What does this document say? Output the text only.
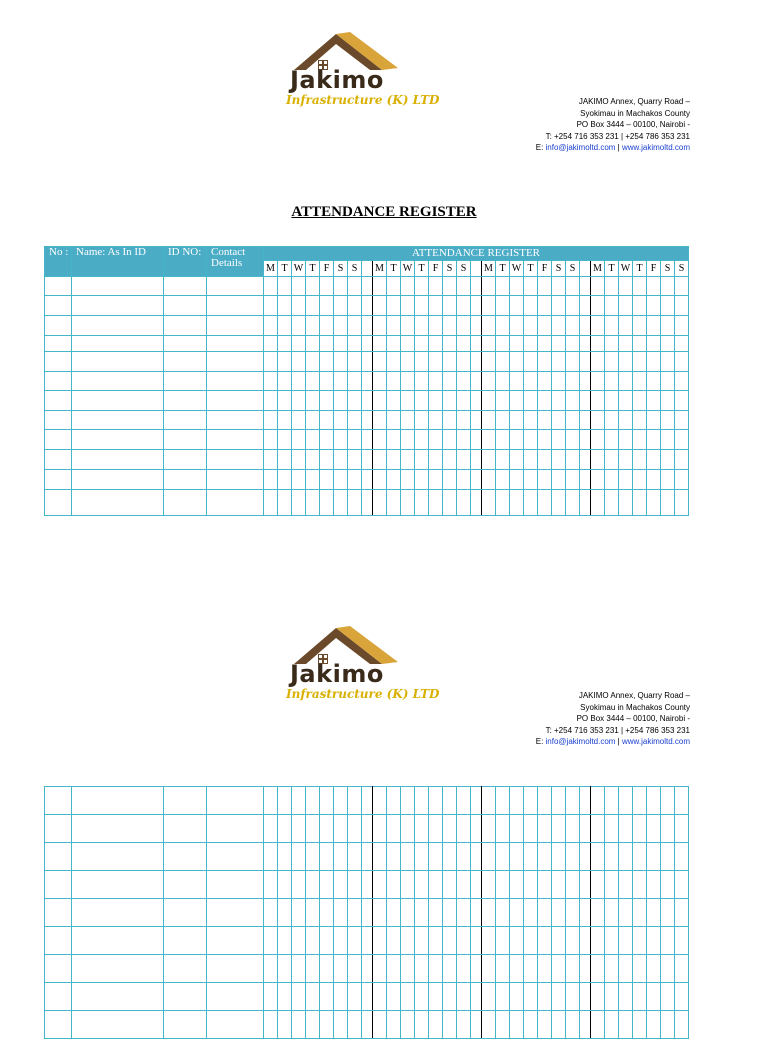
Jakimo
Infrastructure (K) LTD	JAKIMO Annex, Quarry Road –
Syokimau in Machakos County
PO Box 3444 – 00100, Nairobi -
T: +254 716 353 231 | +254 786 353 231
E: info@jakimoltd.com | www.jakimoltd.com
ATTENDANCE REGISTER
No :	Name: As In ID	ID NO:	Contact Details	ATTENDANCE REGISTER																														
				M	T	W	T	F	S	S		M	T	W	T	F	S	S		M	T	W	T	F	S	S		M	T	W	T	F	S	S

Jakimo
Infrastructure (K) LTD	JAKIMO Annex, Quarry Road –
Syokimau in Machakos County
PO Box 3444 – 00100, Nairobi -
T: +254 716 353 231 | +254 786 353 231
E: info@jakimoltd.com | www.jakimoltd.com
